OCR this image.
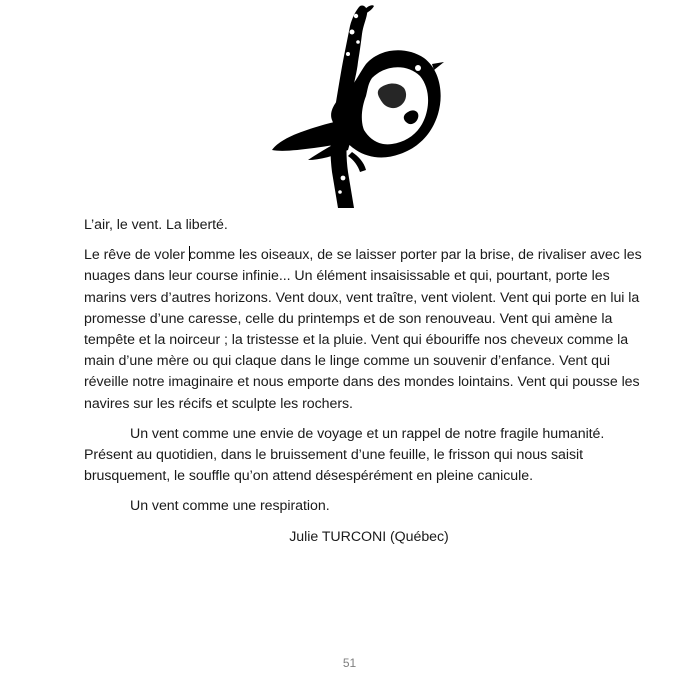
L’air, le vent. La liberté.

Le rêve de voler comme les oiseaux, de se laisser porter par la brise, de rivaliser avec les nuages dans leur course infinie... Un élément insaisissable et qui, pourtant, porte les marins vers d’autres horizons. Vent doux, vent traître, vent violent. Vent qui porte en lui la promesse d’une caresse, celle du printemps et de son renouveau. Vent qui amène la tempête et la noirceur ; la tristesse et la pluie. Vent qui ébouriffe nos cheveux comme la main d’une mère ou qui claque dans le linge comme un souvenir d’enfance. Vent qui réveille notre imaginaire et nous emporte dans des mondes lointains. Vent qui pousse les navires sur les récifs et sculpte les rochers.

Un vent comme une envie de voyage et un rappel de notre fragile humanité. Présent au quotidien, dans le bruissement d’une feuille, le frisson qui nous saisit brusquement, le souffle qu’on attend désespérément en pleine canicule.

Un vent comme une respiration.

Julie TURCONI (Québec)

51
